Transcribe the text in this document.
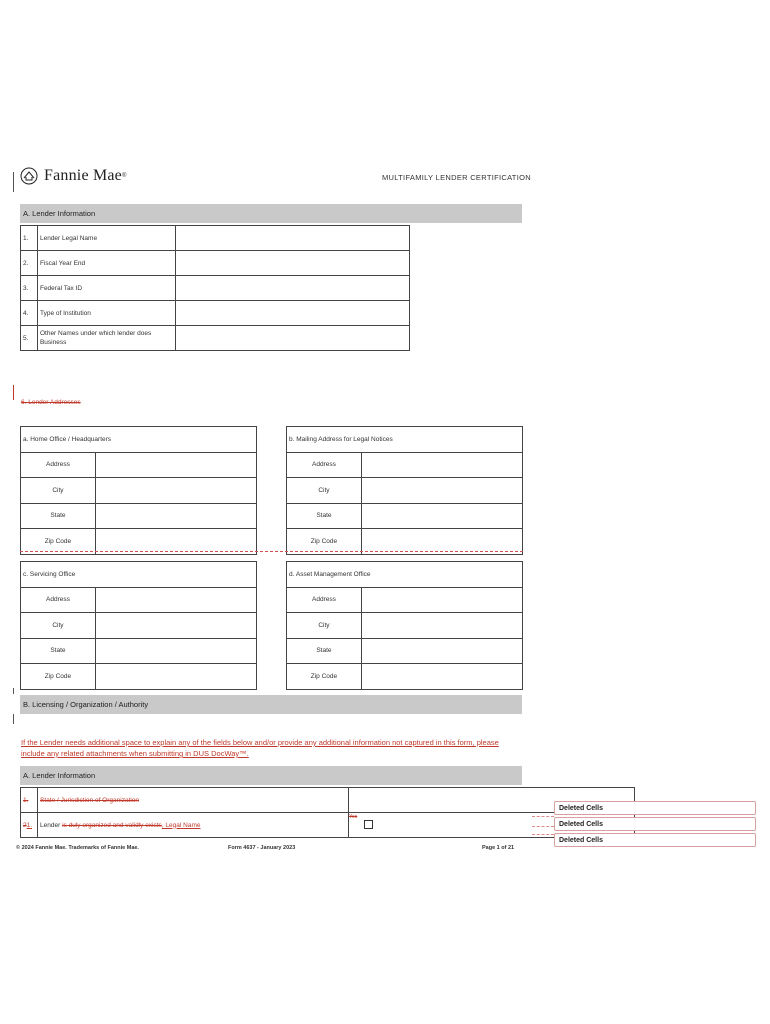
Fannie Mae ®	MULTIFAMILY LENDER CERTIFICATION
A. Lender Information
1.	Lender Legal Name	
2.	Fiscal Year End	
3.	Federal Tax ID	
4.	Type of Institution	
5.	Other Names under which lender does Business	
6. Lender Addresses
a. Home Office / Headquarters	
Address	
City	
State	
Zip Code	
b. Mailing Address for Legal Notices	
Address	
City	
State	
Zip Code	
c. Servicing Office	
Address	
City	
State	
Zip Code	
d. Asset Management Office	
Address	
City	
State	
Zip Code	
B. Licensing / Organization / Authority
If the Lender needs additional space to explain any of the fields below and/or provide any additional information not captured in this form, please include any related attachments when submitting in DUS DocWay™.
A. Lender Information
1.	State / Jurisdiction of Organization	
21.	Lender is duly organized and validly exists, Legal Name	Yes
Deleted Cells
Deleted Cells
Deleted Cells
© 2024 Fannie Mae. Trademarks of Fannie Mae.	Form 4637 - January 2023	Page 1 of 21
